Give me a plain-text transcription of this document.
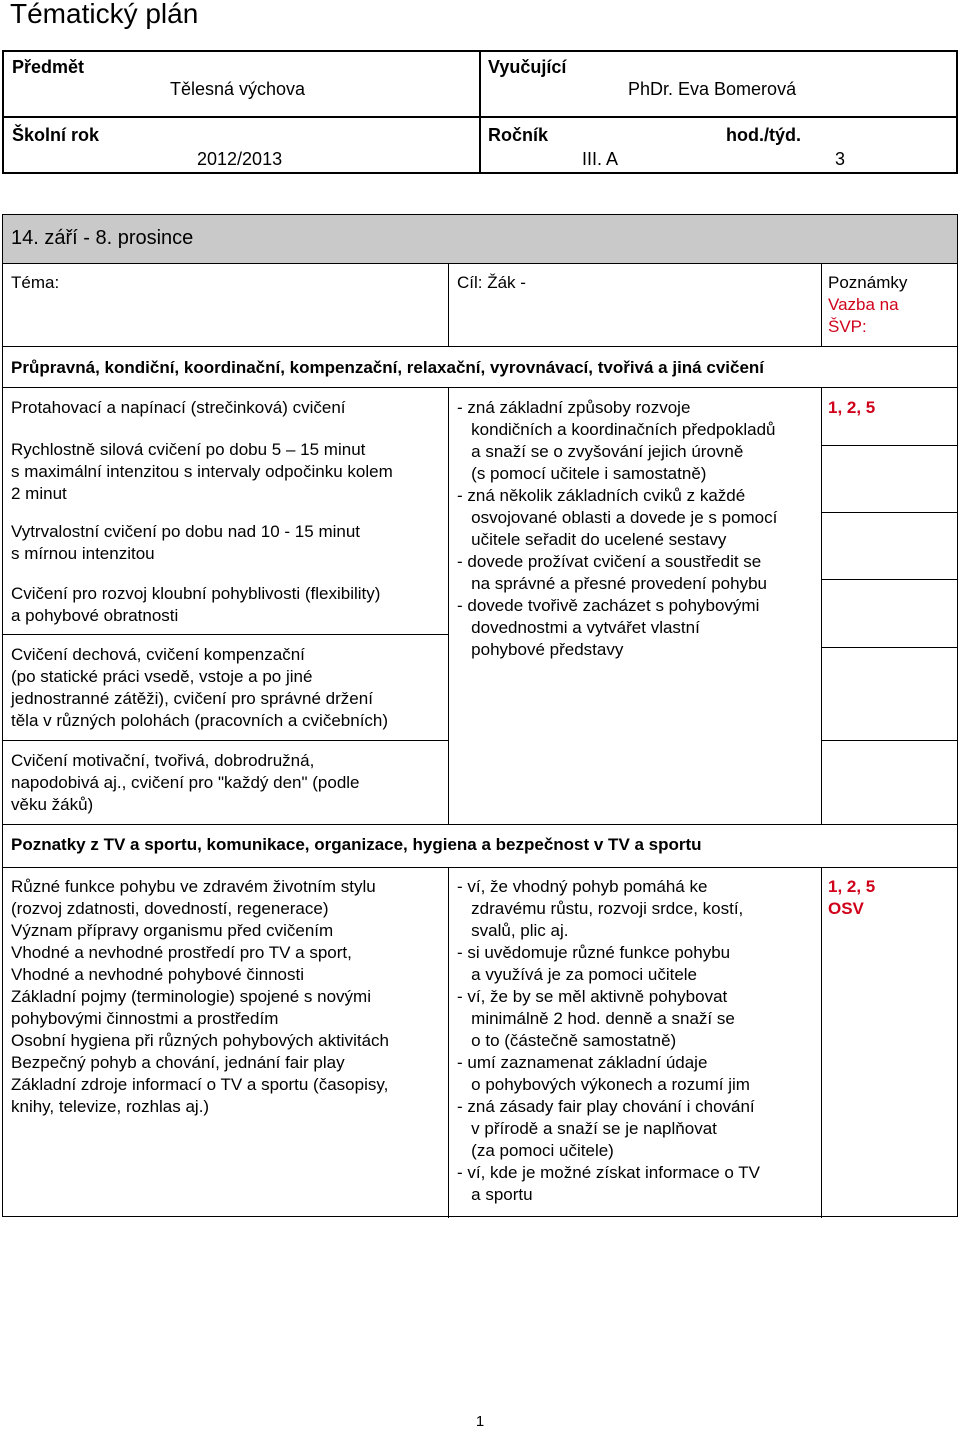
Tématický plán
Předmět
Tělesná výchova
Vyučující
PhDr. Eva Bomerová
Školní rok
2012/2013
Ročník
III. A
hod./týd.
3
14. září - 8. prosince
Téma:	Cíl: Žák -	Poznámky
Vazba na
ŠVP:
Průpravná, kondiční, koordinační, kompenzační, relaxační, vyrovnávací, tvořivá a jiná cvičení
Protahovací a napínací (strečinková) cvičení
Rychlostně silová cvičení po dobu 5 – 15 minut
s maximální intenzitou s intervaly odpočinku kolem
2 minut
Vytrvalostní cvičení po dobu nad 10 - 15 minut
s mírnou intenzitou
Cvičení pro rozvoj kloubní pohyblivosti (flexibility)
a pohybové obratnosti
Cvičení dechová, cvičení kompenzační
(po statické práci vsedě, vstoje a po jiné
jednostranné zátěži), cvičení pro správné držení
těla v různých polohách (pracovních a cvičebních)
Cvičení motivační, tvořivá, dobrodružná,
napodobivá aj., cvičení pro "každý den" (podle
věku žáků)
- zná základní způsoby rozvoje
kondičních a koordinačních předpokladů
a snaží se o zvyšování jejich úrovně
(s pomocí učitele i samostatně)
- zná několik základních cviků z každé
osvojované oblasti a dovede je s pomocí
učitele seřadit do ucelené sestavy
- dovede prožívat cvičení a soustředit se
na správné a přesné provedení pohybu
- dovede tvořivě zacházet s pohybovými
dovednostmi a vytvářet vlastní
pohybové představy
1, 2, 5
Poznatky z TV a sportu, komunikace, organizace, hygiena a bezpečnost v TV a sportu
Různé funkce pohybu ve zdravém životním stylu
(rozvoj zdatnosti, dovedností, regenerace)
Význam přípravy organismu před cvičením
Vhodné a nevhodné prostředí pro TV a sport,
Vhodné a nevhodné pohybové činnosti
Základní pojmy (terminologie) spojené s novými
pohybovými činnostmi a prostředím
Osobní hygiena při různých pohybových aktivitách
Bezpečný pohyb a chování, jednání fair play
Základní zdroje informací o TV a sportu (časopisy,
knihy, televize, rozhlas aj.)
- ví, že vhodný pohyb pomáhá ke
zdravému růstu, rozvoji srdce, kostí,
svalů, plic aj.
- si uvědomuje různé funkce pohybu
a využívá je za pomoci učitele
- ví, že by se měl aktivně pohybovat
minimálně 2 hod. denně a snaží se
o to (částečně samostatně)
- umí zaznamenat základní údaje
o pohybových výkonech a rozumí jim
- zná zásady fair play chování i chování
v přírodě a snaží se je naplňovat
(za pomoci učitele)
- ví, kde je možné získat informace o TV
a sportu
1, 2, 5
OSV
1
